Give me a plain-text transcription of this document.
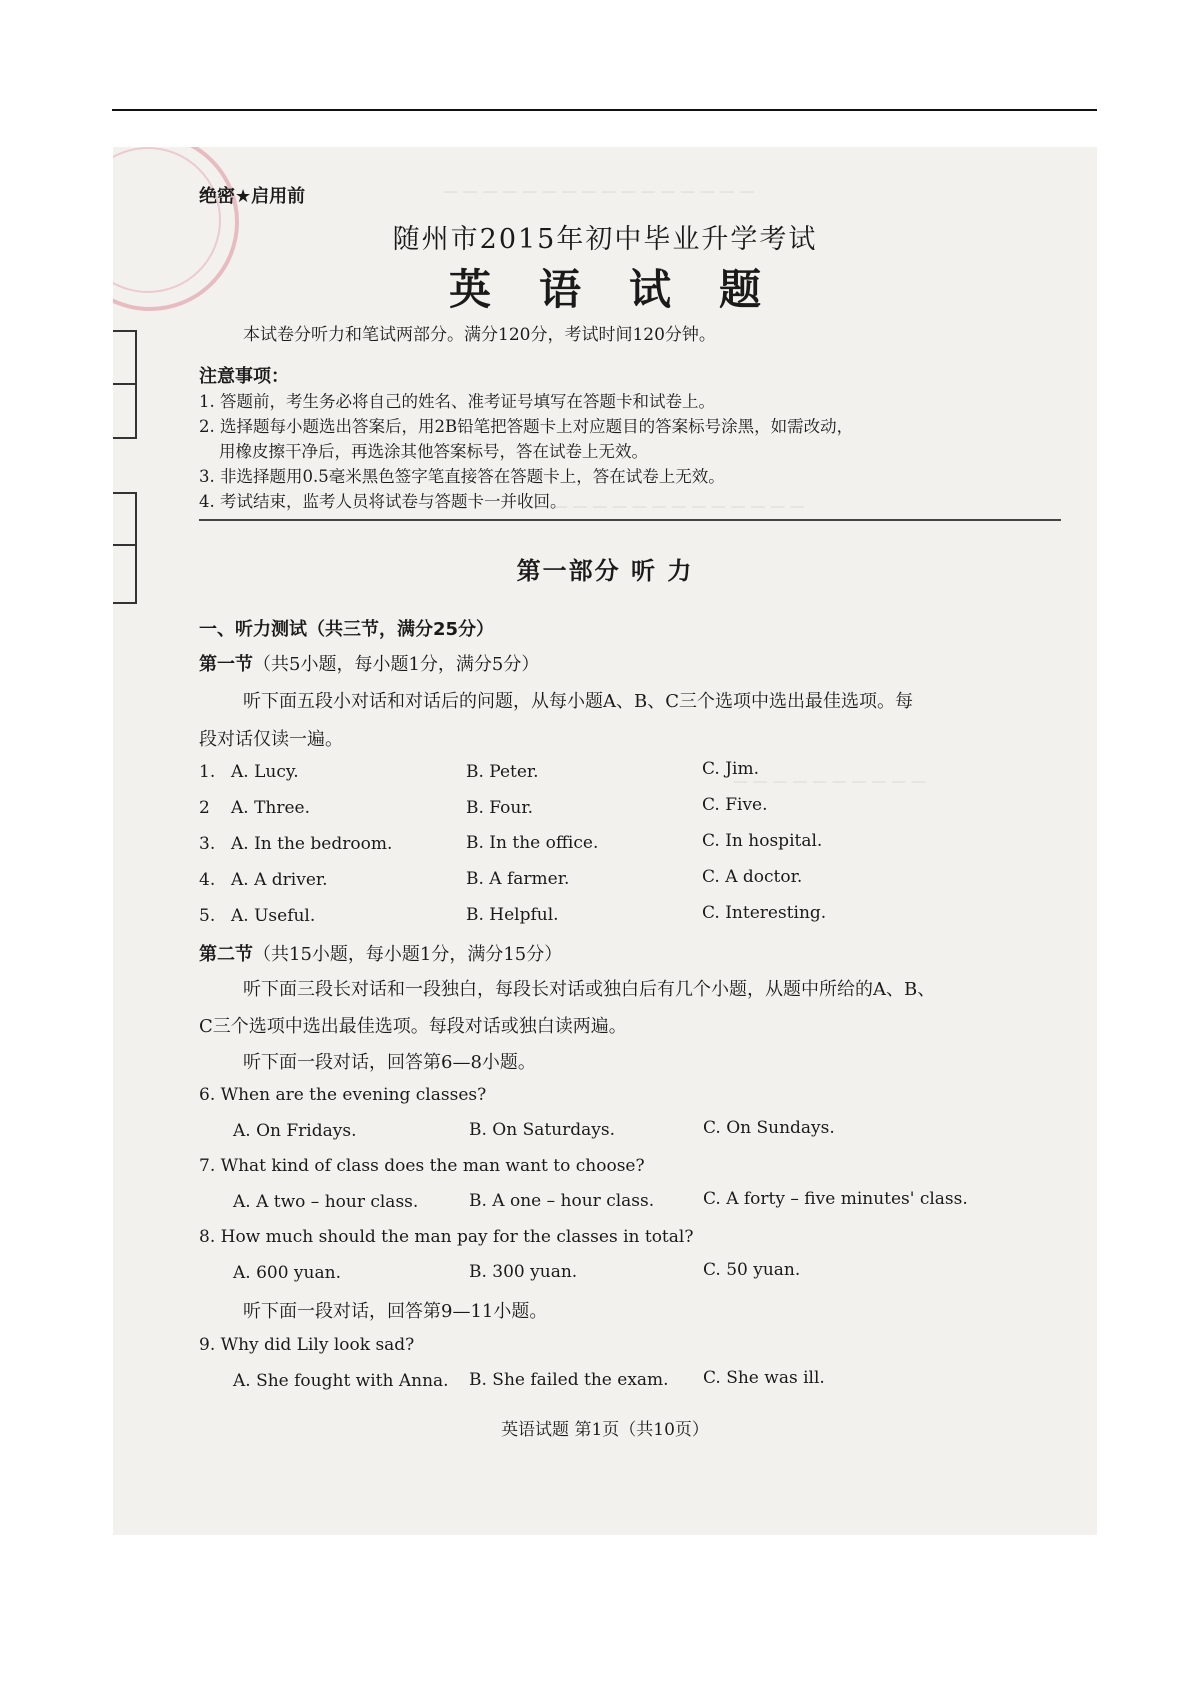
— — — — — — — — — — — — — — — —
— — — — — — — — — — — — — —
— — — — — — — — — —
绝密★启用前
随州市2015年初中毕业升学考试
英语试题
本试卷分听力和笔试两部分。满分120分，考试时间120分钟。
注意事项：
1. 答题前，考生务必将自己的姓名、准考证号填写在答题卡和试卷上。
2. 选择题每小题选出答案后，用2B铅笔把答题卡上对应题目的答案标号涂黑，如需改动，
用橡皮擦干净后，再选涂其他答案标号，答在试卷上无效。
3. 非选择题用0.5毫米黑色签字笔直接答在答题卡上，答在试卷上无效。
4. 考试结束，监考人员将试卷与答题卡一并收回。
第一部分 听 力
一、听力测试（共三节，满分25分）
第一节（共5小题，每小题1分，满分5分）
听下面五段小对话和对话后的问题，从每小题A、B、C三个选项中选出最佳选项。每
段对话仅读一遍。
1. A. Lucy.	B. Peter.	C. Jim.
2 A. Three.	B. Four.	C. Five.
3. A. In the bedroom.	B. In the office.	C. In hospital.
4. A. A driver.	B. A farmer.	C. A doctor.
5. A. Useful.	B. Helpful.	C. Interesting.
第二节（共15小题，每小题1分，满分15分）
听下面三段长对话和一段独白，每段长对话或独白后有几个小题，从题中所给的A、B、
C三个选项中选出最佳选项。每段对话或独白读两遍。
听下面一段对话，回答第6—8小题。
6. When are the evening classes?
A. On Fridays.	B. On Saturdays.	C. On Sundays.
7. What kind of class does the man want to choose?
A. A two – hour class.	B. A one – hour class.	C. A forty – five minutes' class.
8. How much should the man pay for the classes in total?
A. 600 yuan.	B. 300 yuan.	C. 50 yuan.
听下面一段对话，回答第9—11小题。
9. Why did Lily look sad?
A. She fought with Anna. B. She failed the exam. C. She was ill.
英语试题 第1页（共10页）
